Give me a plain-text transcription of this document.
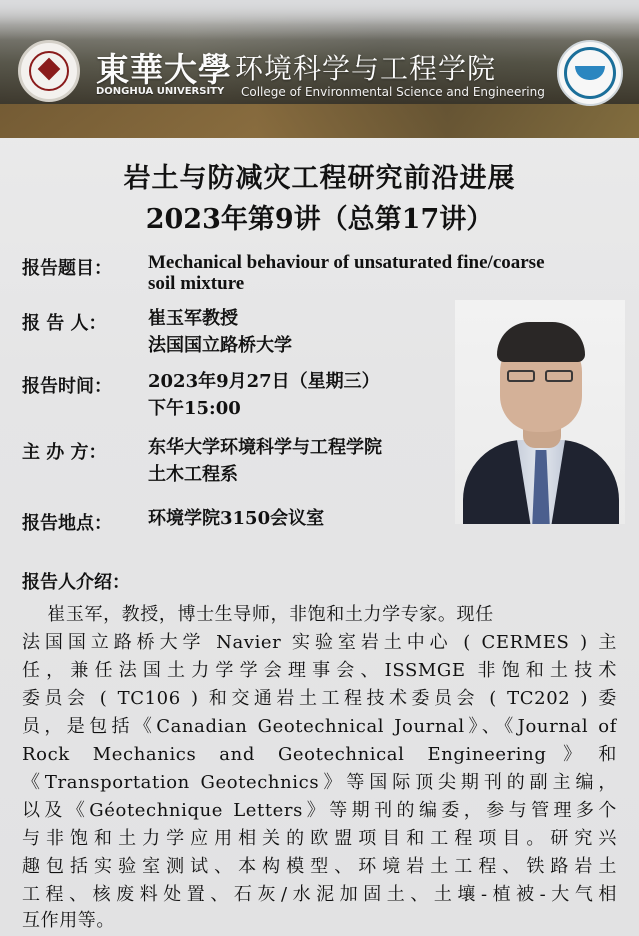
東華大學 环境科学与工程学院
DONGHUA UNIVERSITY College of Environmental Science and Engineering
岩土与防减灾工程研究前沿进展
2023年第9讲（总第17讲）
报告题目： Mechanical behaviour of unsaturated fine/coarse
soil mixture
报 告 人： 崔玉军教授
法国国立路桥大学
报告时间： 2023年9月27日（星期三）
下午15:00
主 办 方： 东华大学环境科学与工程学院
土木工程系
报告地点： 环境学院3150会议室
报告人介绍：
崔玉军，教授，博士生导师，非饱和土力学专家。现任
法国国立路桥大学 Navier 实验室岩土中心 ( CERMES ) 主
任，兼任法国土力学学会理事会、ISSMGE 非饱和土技术
委员会 ( TC106 ) 和交通岩土工程技术委员会 ( TC202 ) 委
员，是包括《Canadian Geotechnical Journal》、《Journal of
Rock Mechanics and Geotechnical Engineering》和
《Transportation Geotechnics》等国际顶尖期刊的副主编，
以及《Géotechnique Letters》等期刊的编委，参与管理多个
与非饱和土力学应用相关的欧盟项目和工程项目。研究兴
趣包括实验室测试、本构模型、环境岩土工程、铁路岩土
工程、核废料处置、石灰/水泥加固土、土壤-植被-大气相
互作用等。
